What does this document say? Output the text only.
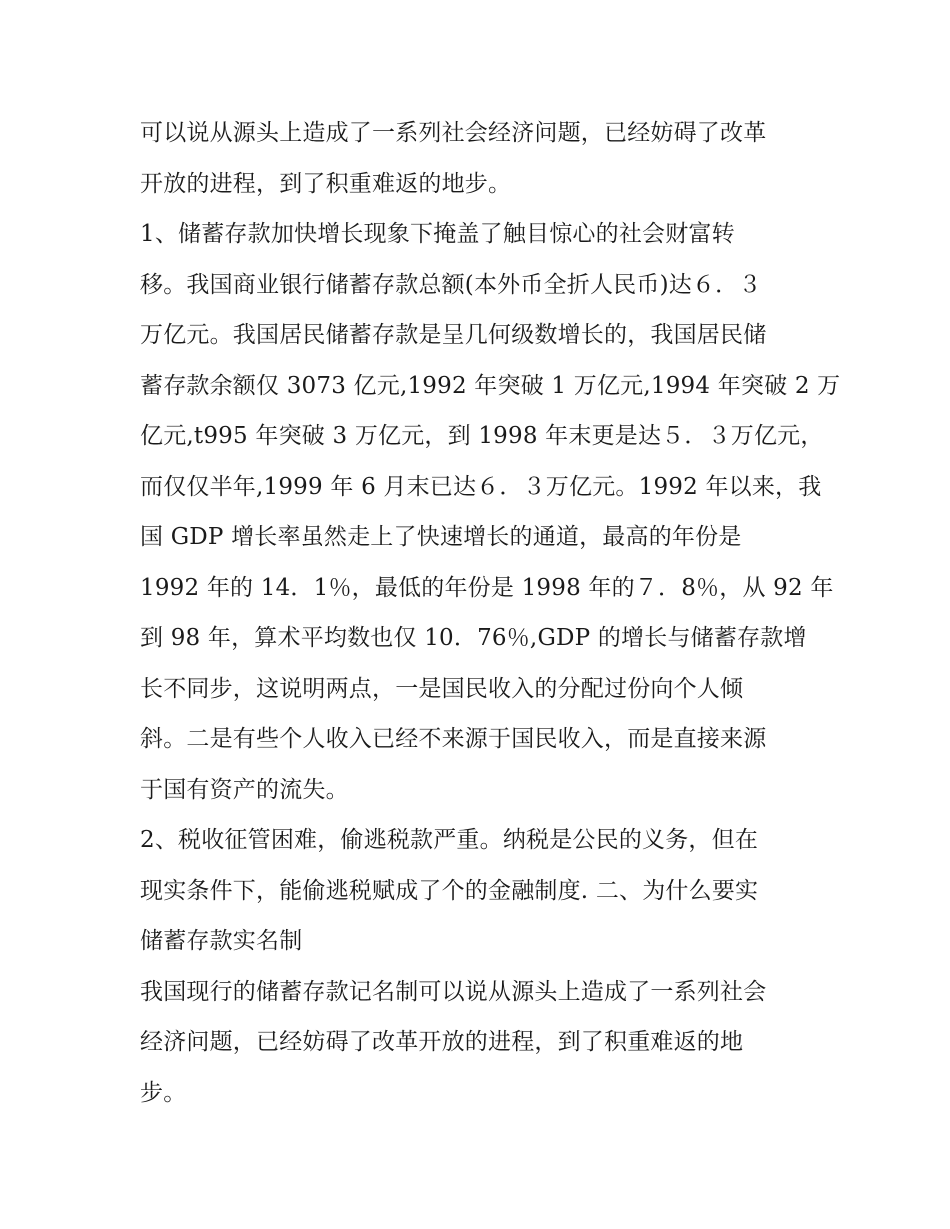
可以说从源头上造成了一系列社会经济问题，已经妨碍了改革
开放的进程，到了积重难返的地步。
1、储蓄存款加快增长现象下掩盖了触目惊心的社会财富转
移。我国商业银行储蓄存款总额(本外币全折人民币)达６．３
万亿元。我国居民储蓄存款是呈几何级数增长的，我国居民储
蓄存款余额仅 3073 亿元,1992 年突破 1 万亿元,1994 年突破 2 万
亿元,t995 年突破 3 万亿元，到 1998 年末更是达５．３万亿元，
而仅仅半年,1999 年 6 月末已达６．３万亿元。1992 年以来，我
国 GDP 增长率虽然走上了快速增长的通道，最高的年份是
1992 年的 14．1％，最低的年份是 1998 年的７．8％，从 92 年
到 98 年，算术平均数也仅 10．76％,GDP 的增长与储蓄存款增
长不同步，这说明两点，一是国民收入的分配过份向个人倾
斜。二是有些个人收入已经不来源于国民收入，而是直接来源
于国有资产的流失。
2、税收征管困难，偷逃税款严重。纳税是公民的义务，但在
现实条件下，能偷逃税赋成了个的金融制度. 二、为什么要实
储蓄存款实名制
我国现行的储蓄存款记名制可以说从源头上造成了一系列社会
经济问题，已经妨碍了改革开放的进程，到了积重难返的地
步。
